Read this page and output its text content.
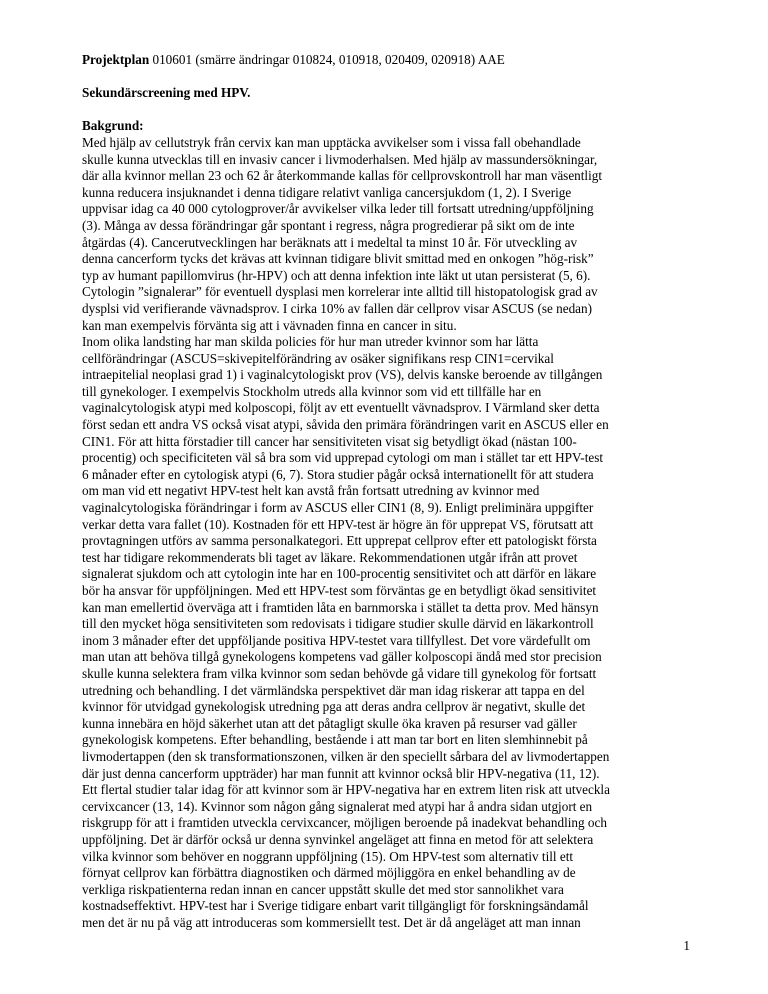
Projektplan 010601 (smärre ändringar 010824, 010918, 020409, 020918) AAE
Sekundärscreening med HPV.
Bakgrund:

Med hjälp av cellutstryk från cervix kan man upptäcka avvikelser som i vissa fall obehandlade
skulle kunna utvecklas till en invasiv cancer i livmoderhalsen. Med hjälp av massundersökningar,
där alla kvinnor mellan 23 och 62 år återkommande kallas för cellprovskontroll har man väsentligt
kunna reducera insjuknandet i denna tidigare relativt vanliga cancersjukdom (1, 2). I Sverige
uppvisar idag ca 40 000 cytologprover/år avvikelser vilka leder till fortsatt utredning/uppföljning
(3). Många av dessa förändringar går spontant i regress, några progredierar på sikt om de inte
åtgärdas (4). Cancerutvecklingen har beräknats att i medeltal ta minst 10 år. För utveckling av
denna cancerform tycks det krävas att kvinnan tidigare blivit smittad med en onkogen ”hög-risk”
typ av humant papillomvirus (hr-HPV) och att denna infektion inte läkt ut utan persisterat (5, 6).
Cytologin ”signalerar” för eventuell dysplasi men korrelerar inte alltid till histopatologisk grad av
dysplsi vid verifierande vävnadsprov. I cirka 10% av fallen där cellprov visar ASCUS (se nedan)
kan man exempelvis förvänta sig att i vävnaden finna en cancer in situ.

Inom olika landsting har man skilda policies för hur man utreder kvinnor som har lätta
cellförändringar (ASCUS=skivepitelförändring av osäker signifikans resp CIN1=cervikal
intraepitelial neoplasi grad 1) i vaginalcytologiskt prov (VS), delvis kanske beroende av tillgången
till gynekologer. I exempelvis Stockholm utreds alla kvinnor som vid ett tillfälle har en
vaginalcytologisk atypi med kolposcopi, följt av ett eventuellt vävnadsprov. I Värmland sker detta
först sedan ett andra VS också visat atypi, såvida den primära förändringen varit en ASCUS eller en
CIN1. För att hitta förstadier till cancer har sensitiviteten visat sig betydligt ökad (nästan 100-
procentig) och specificiteten väl så bra som vid upprepad cytologi om man i stället tar ett HPV-test
6 månader efter en cytologisk atypi (6, 7). Stora studier pågår också internationellt för att studera
om man vid ett negativt HPV-test helt kan avstå från fortsatt utredning av kvinnor med
vaginalcytologiska förändringar i form av ASCUS eller CIN1 (8, 9). Enligt preliminära uppgifter
verkar detta vara fallet (10). Kostnaden för ett HPV-test är högre än för upprepat VS, förutsatt att
provtagningen utförs av samma personalkategori. Ett upprepat cellprov efter ett patologiskt första
test har tidigare rekommenderats bli taget av läkare. Rekommendationen utgår ifrån att provet
signalerat sjukdom och att cytologin inte har en 100-procentig sensitivitet och att därför en läkare
bör ha ansvar för uppföljningen. Med ett HPV-test som förväntas ge en betydligt ökad sensitivitet
kan man emellertid överväga att i framtiden låta en barnmorska i stället ta detta prov. Med hänsyn
till den mycket höga sensitiviteten som redovisats i tidigare studier skulle därvid en läkarkontroll
inom 3 månader efter det uppföljande positiva HPV-testet vara tillfyllest. Det vore värdefullt om
man utan att behöva tillgå gynekologens kompetens vad gäller kolposcopi ändå med stor precision
skulle kunna selektera fram vilka kvinnor som sedan behövde gå vidare till gynekolog för fortsatt
utredning och behandling. I det värmländska perspektivet där man idag riskerar att tappa en del
kvinnor för utvidgad gynekologisk utredning pga att deras andra cellprov är negativt, skulle det
kunna innebära en höjd säkerhet utan att det påtagligt skulle öka kraven på resurser vad gäller
gynekologisk kompetens. Efter behandling, bestående i att man tar bort en liten slemhinnebit på
livmodertappen (den sk transformationszonen, vilken är den speciellt sårbara del av livmodertappen
där just denna cancerform uppträder) har man funnit att kvinnor också blir HPV-negativa (11, 12).
Ett flertal studier talar idag för att kvinnor som är HPV-negativa har en extrem liten risk att utveckla
cervixcancer (13, 14). Kvinnor som någon gång signalerat med atypi har å andra sidan utgjort en
riskgrupp för att i framtiden utveckla cervixcancer, möjligen beroende på inadekvat behandling och
uppföljning. Det är därför också ur denna synvinkel angeläget att finna en metod för att selektera
vilka kvinnor som behöver en noggrann uppföljning (15). Om HPV-test som alternativ till ett
förnyat cellprov kan förbättra diagnostiken och därmed möjliggöra en enkel behandling av de
verkliga riskpatienterna redan innan en cancer uppstått skulle det med stor sannolikhet vara
kostnadseffektivt. HPV-test har i Sverige tidigare enbart varit tillgängligt för forskningsändamål
men det är nu på väg att introduceras som kommersiellt test. Det är då angeläget att man innan

1
